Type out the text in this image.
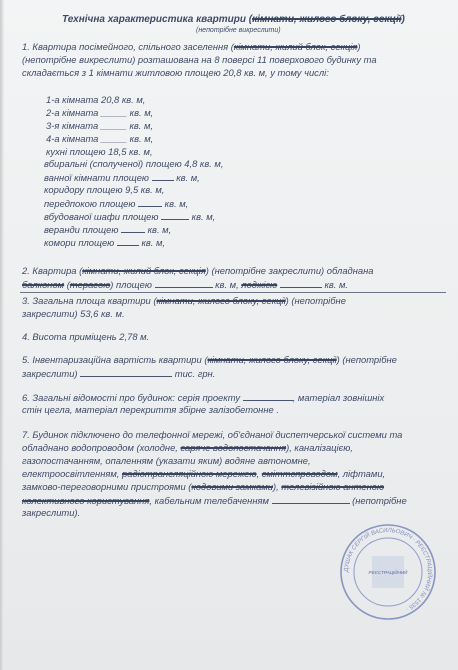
Технічна характеристика квартири (кімнати, жилого блоку, секції)
(непотрібне викреслити)
1. Квартира посімейного, спільного заселення (кімнати, жилий блок, секція)
(непотрібне викреслити) розташована на 8 поверсі 11 поверхового будинку та
складається з 1 кімнати житловою площею 20,8 кв. м, у тому числі:
1-а кімната 20,8 кв. м,
2-а кімната _____ кв. м,
3-я кімната _____ кв. м,
4-а кімната _____ кв. м,
кухні площею 18,5 кв. м,
вбиральні (сполученої) площею 4,8 кв. м,
ванної кімнати площею	кв. м,
коридору площею 9,5 кв. м,
передпокою площею	кв. м,
вбудованої шафи площею	кв. м,
веранди площею	кв. м,
комори площею	кв. м,
2. Квартира (кімнати, жилий блок, секція) (непотрібне закреслити) обладнана
балконом (терасою) площею	кв. м, лоджією	кв. м.
3. Загальна площа квартири (кімнати, жилого блоку, секції) (непотрібне
закреслити) 53,6 кв. м.
4. Висота приміщень 2,78 м.
5. Інвентаризаційна вартість квартири (кімнати, жилого блоку, секції) (непотрібне
закреслити)	тис. грн.
6. Загальні відомості про будинок: серія проекту	, матеріал зовнішніх
стін цегла, матеріал перекриття збірне залізобетонне .
7. Будинок підключено до телефонної мережі, об'єднаної диспетчерської системи та
обладнано водопроводом (холодне, гаряче водопостачання), каналізацією,
газопостачанням, опаленням (указати яким) водяне автономне,
електроосвітленням, радіотрансляційною мережею, сміттєпроводом, ліфтами,
замково-переговорними пристроями (кодовими замками), телевізійною антеною
колективного користування, кабельним телебаченням	(непотрібне
закреслити).
ДУШАК СЕРГІЙ ВАСИЛЬОВИЧ · РЕЄСТРАЦІЙНИЙ № 1535 ·
РЕЄСТРАЦІЙНИЙ
